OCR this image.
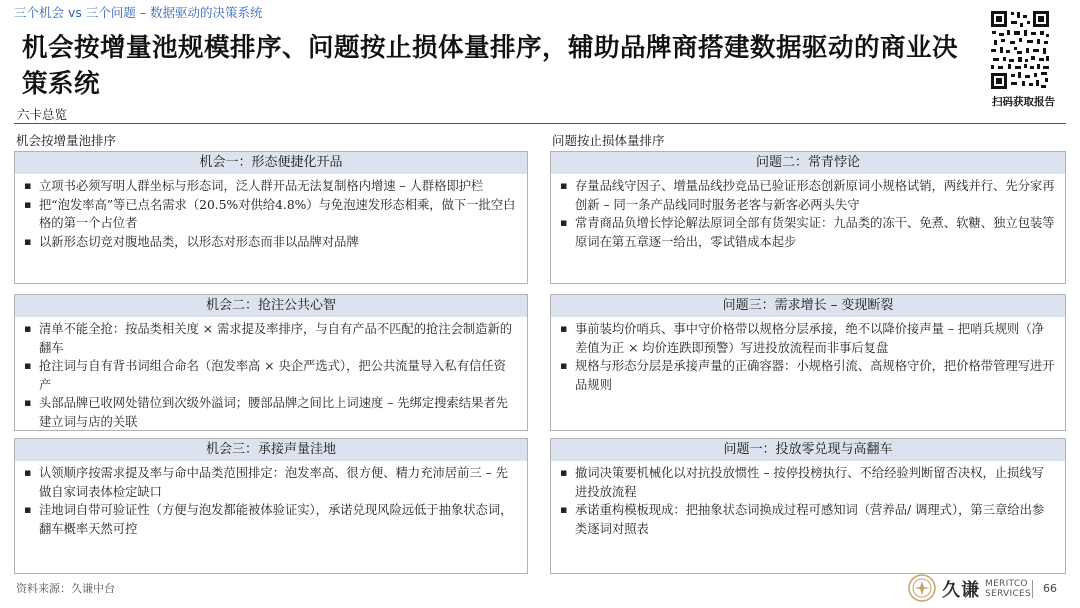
三个机会 vs 三个问题 – 数据驱动的决策系统
机会按增量池规模排序、问题按止损体量排序，辅助品牌商搭建数据驱动的商业决策系统
扫码获取报告
六卡总览
机会按增量池排序	问题按止损体量排序
机会一：形态便捷化开品
▪ 立项书必须写明人群坐标与形态词，泛人群开品无法复制格内增速 – 人群格即护栏
▪ 把“泡发率高”等已点名需求（20.5%对供给4.8%）与免泡速发形态相乘，做下一批空白格的第一个占位者
▪ 以新形态切竞对腹地品类，以形态对形态而非以品牌对品牌
机会二：抢注公共心智
▪ 清单不能全抢：按品类相关度 × 需求提及率排序，与自有产品不匹配的抢注会制造新的翻车
▪ 抢注词与自有背书词组合命名（泡发率高 × 央企严选式），把公共流量导入私有信任资产
▪ 头部品牌已收网处错位到次级外溢词；腰部品牌之间比上词速度 – 先绑定搜索结果者先建立词与店的关联
机会三：承接声量洼地
▪ 认领顺序按需求提及率与命中品类范围排定：泡发率高、很方便、精力充沛居前三 – 先做自家词表体检定缺口
▪ 洼地词自带可验证性（方便与泡发都能被体验证实），承诺兑现风险远低于抽象状态词，翻车概率天然可控
问题二：常青悖论
▪ 存量品线守因子、增量品线抄竞品已验证形态创新原词小规格试销，两线并行、先分家再创新 – 同一条产品线同时服务老客与新客必两头失守
▪ 常青商品负增长悖论解法原词全部有货架实证：九品类的冻干、免煮、软糖、独立包装等原词在第五章逐一给出，零试错成本起步
问题三：需求增长 – 变现断裂
▪ 事前装均价哨兵、事中守价格带以规格分层承接，绝不以降价接声量 – 把哨兵规则（净差值为正 × 均价连跌即预警）写进投放流程而非事后复盘
▪ 规格与形态分层是承接声量的正确容器：小规格引流、高规格守价，把价格带管理写进开品规则
问题一：投放零兑现与高翻车
▪ 撤词决策要机械化以对抗投放惯性 – 按停投榜执行、不给经验判断留否决权，止损线写进投放流程
▪ 承诺重构模板现成：把抽象状态词换成过程可感知词（营养品/ 调理式），第三章给出参类逐词对照表
资料来源：久谦中台	久谦 MERITCO
SERVICES 66
